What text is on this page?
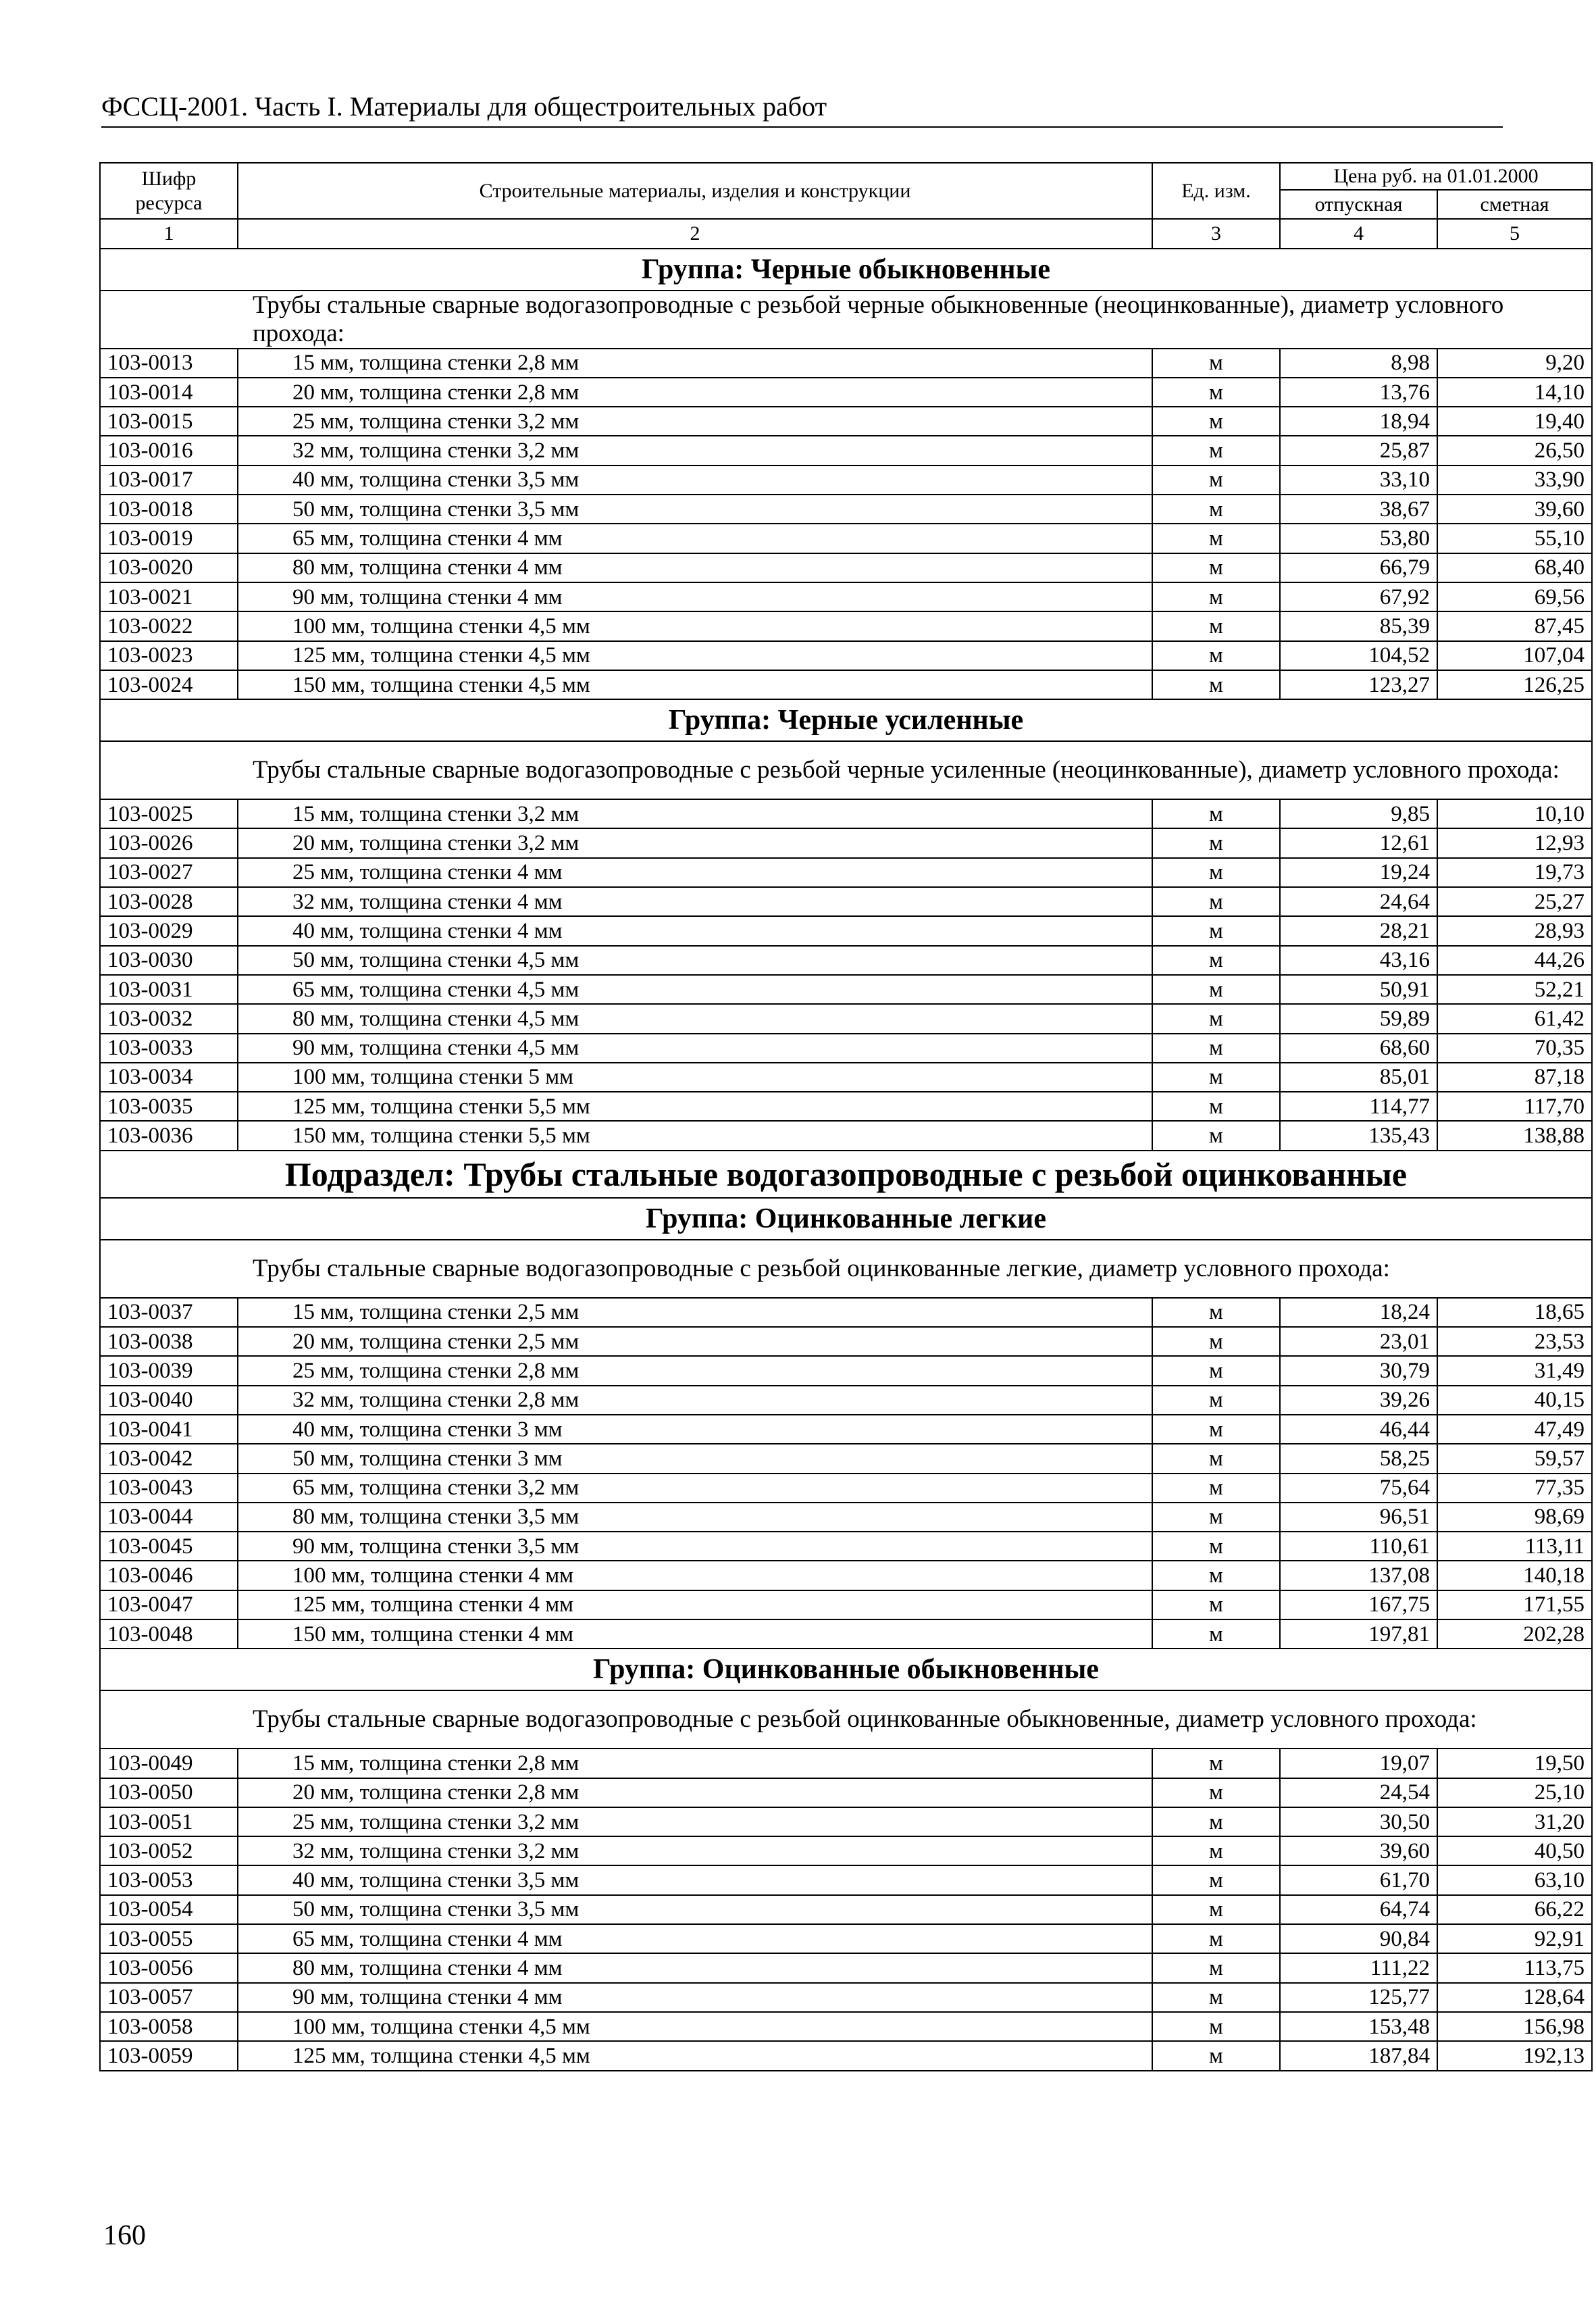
ФССЦ-2001. Часть I. Материалы для общестроительных работ
Шифр ресурса	Строительные материалы, изделия и конструкции	Ед. изм.	Цена руб. на 01.01.2000	
			отпускная	сметная
1	2	3	4	5
Группа: Черные обыкновенные				
Трубы стальные сварные водогазопроводные с резьбой черные обыкновенные (неоцинкованные), диаметр условного прохода:				
103-0013	15 мм, толщина стенки 2,8 мм	м	8,98	9,20
103-0014	20 мм, толщина стенки 2,8 мм	м	13,76	14,10
103-0015	25 мм, толщина стенки 3,2 мм	м	18,94	19,40
103-0016	32 мм, толщина стенки 3,2 мм	м	25,87	26,50
103-0017	40 мм, толщина стенки 3,5 мм	м	33,10	33,90
103-0018	50 мм, толщина стенки 3,5 мм	м	38,67	39,60
103-0019	65 мм, толщина стенки 4 мм	м	53,80	55,10
103-0020	80 мм, толщина стенки 4 мм	м	66,79	68,40
103-0021	90 мм, толщина стенки 4 мм	м	67,92	69,56
103-0022	100 мм, толщина стенки 4,5 мм	м	85,39	87,45
103-0023	125 мм, толщина стенки 4,5 мм	м	104,52	107,04
103-0024	150 мм, толщина стенки 4,5 мм	м	123,27	126,25
Группа: Черные усиленные				
Трубы стальные сварные водогазопроводные с резьбой черные усиленные (неоцинкованные), диаметр условного прохода:				
103-0025	15 мм, толщина стенки 3,2 мм	м	9,85	10,10
103-0026	20 мм, толщина стенки 3,2 мм	м	12,61	12,93
103-0027	25 мм, толщина стенки 4 мм	м	19,24	19,73
103-0028	32 мм, толщина стенки 4 мм	м	24,64	25,27
103-0029	40 мм, толщина стенки 4 мм	м	28,21	28,93
103-0030	50 мм, толщина стенки 4,5 мм	м	43,16	44,26
103-0031	65 мм, толщина стенки 4,5 мм	м	50,91	52,21
103-0032	80 мм, толщина стенки 4,5 мм	м	59,89	61,42
103-0033	90 мм, толщина стенки 4,5 мм	м	68,60	70,35
103-0034	100 мм, толщина стенки 5 мм	м	85,01	87,18
103-0035	125 мм, толщина стенки 5,5 мм	м	114,77	117,70
103-0036	150 мм, толщина стенки 5,5 мм	м	135,43	138,88
Подраздел: Трубы стальные водогазопроводные с резьбой оцинкованные				
Группа: Оцинкованные легкие				
Трубы стальные сварные водогазопроводные с резьбой оцинкованные легкие, диаметр условного прохода:				
103-0037	15 мм, толщина стенки 2,5 мм	м	18,24	18,65
103-0038	20 мм, толщина стенки 2,5 мм	м	23,01	23,53
103-0039	25 мм, толщина стенки 2,8 мм	м	30,79	31,49
103-0040	32 мм, толщина стенки 2,8 мм	м	39,26	40,15
103-0041	40 мм, толщина стенки 3 мм	м	46,44	47,49
103-0042	50 мм, толщина стенки 3 мм	м	58,25	59,57
103-0043	65 мм, толщина стенки 3,2 мм	м	75,64	77,35
103-0044	80 мм, толщина стенки 3,5 мм	м	96,51	98,69
103-0045	90 мм, толщина стенки 3,5 мм	м	110,61	113,11
103-0046	100 мм, толщина стенки 4 мм	м	137,08	140,18
103-0047	125 мм, толщина стенки 4 мм	м	167,75	171,55
103-0048	150 мм, толщина стенки 4 мм	м	197,81	202,28
Группа: Оцинкованные обыкновенные				
Трубы стальные сварные водогазопроводные с резьбой оцинкованные обыкновенные, диаметр условного прохода:				
103-0049	15 мм, толщина стенки 2,8 мм	м	19,07	19,50
103-0050	20 мм, толщина стенки 2,8 мм	м	24,54	25,10
103-0051	25 мм, толщина стенки 3,2 мм	м	30,50	31,20
103-0052	32 мм, толщина стенки 3,2 мм	м	39,60	40,50
103-0053	40 мм, толщина стенки 3,5 мм	м	61,70	63,10
103-0054	50 мм, толщина стенки 3,5 мм	м	64,74	66,22
103-0055	65 мм, толщина стенки 4 мм	м	90,84	92,91
103-0056	80 мм, толщина стенки 4 мм	м	111,22	113,75
103-0057	90 мм, толщина стенки 4 мм	м	125,77	128,64
103-0058	100 мм, толщина стенки 4,5 мм	м	153,48	156,98
103-0059	125 мм, толщина стенки 4,5 мм	м	187,84	192,13
160
